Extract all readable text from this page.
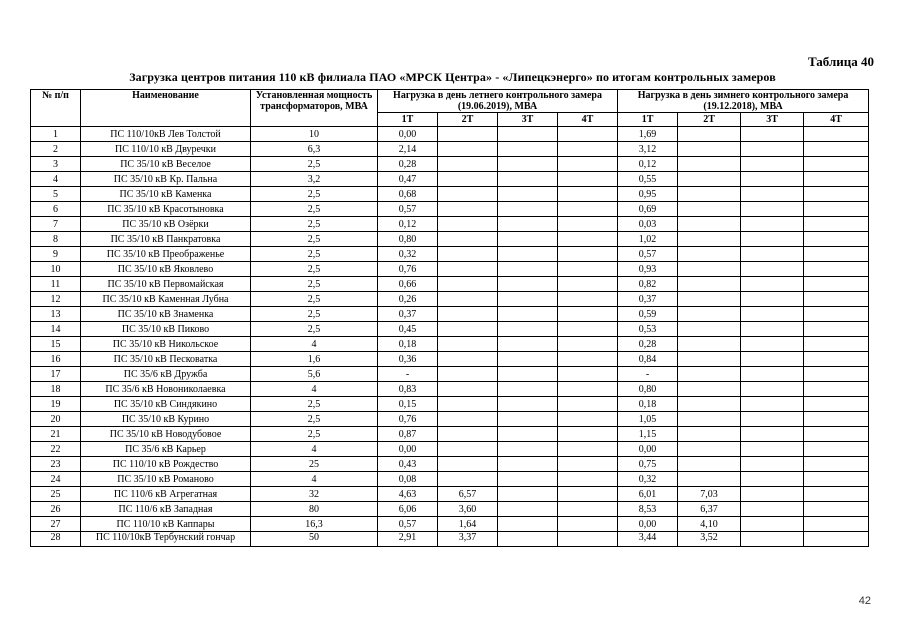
Таблица 40
Загрузка центров питания 110 кВ филиала ПАО «МРСК Центра» - «Липецкэнерго» по итогам контрольных замеров
№ п/п	Наименование	Установленная мощность трансформаторов, МВА	Нагрузка в день летнего контрольного замера (19.06.2019), МВА				Нагрузка в день зимнего контрольного замера (19.12.2018), МВА			
			1Т	2Т	3Т	4Т	1Т	2Т	3Т	4Т
1	ПС 110/10кВ Лев Толстой	10	0,00				1,69			
2	ПС 110/10 кВ Двуречки	6,3	2,14				3,12			
3	ПС 35/10 кВ Веселое	2,5	0,28				0,12			
4	ПС 35/10 кВ Кр. Пальна	3,2	0,47				0,55			
5	ПС 35/10 кВ Каменка	2,5	0,68				0,95			
6	ПС 35/10 кВ Красотыновка	2,5	0,57				0,69			
7	ПС 35/10 кВ Озёрки	2,5	0,12				0,03			
8	ПС 35/10 кВ Панкратовка	2,5	0,80				1,02			
9	ПС 35/10 кВ Преображенье	2,5	0,32				0,57			
10	ПС 35/10 кВ Яковлево	2,5	0,76				0,93			
11	ПС 35/10 кВ Первомайская	2,5	0,66				0,82			
12	ПС 35/10 кВ Каменная Лубна	2,5	0,26				0,37			
13	ПС 35/10 кВ Знаменка	2,5	0,37				0,59			
14	ПС 35/10 кВ Пиково	2,5	0,45				0,53			
15	ПС 35/10 кВ Никольское	4	0,18				0,28			
16	ПС 35/10 кВ Песковатка	1,6	0,36				0,84			
17	ПС 35/6 кВ Дружба	5,6	-				-			
18	ПС 35/6 кВ Новониколаевка	4	0,83				0,80			
19	ПС 35/10 кВ Синдякино	2,5	0,15				0,18			
20	ПС 35/10 кВ Курино	2,5	0,76				1,05			
21	ПС 35/10 кВ Новодубовое	2,5	0,87				1,15			
22	ПС 35/6 кВ Карьер	4	0,00				0,00			
23	ПС 110/10 кВ Рождество	25	0,43				0,75			
24	ПС 35/10 кВ Романово	4	0,08				0,32			
25	ПС 110/6 кВ Агрегатная	32	4,63	6,57			6,01	7,03		
26	ПС 110/6 кВ Западная	80	6,06	3,60			8,53	6,37		
27	ПС 110/10 кВ Каппары	16,3	0,57	1,64			0,00	4,10		
28	ПС 110/10кВ Тербунский гончар	50	2,91	3,37			3,44	3,52		
42
